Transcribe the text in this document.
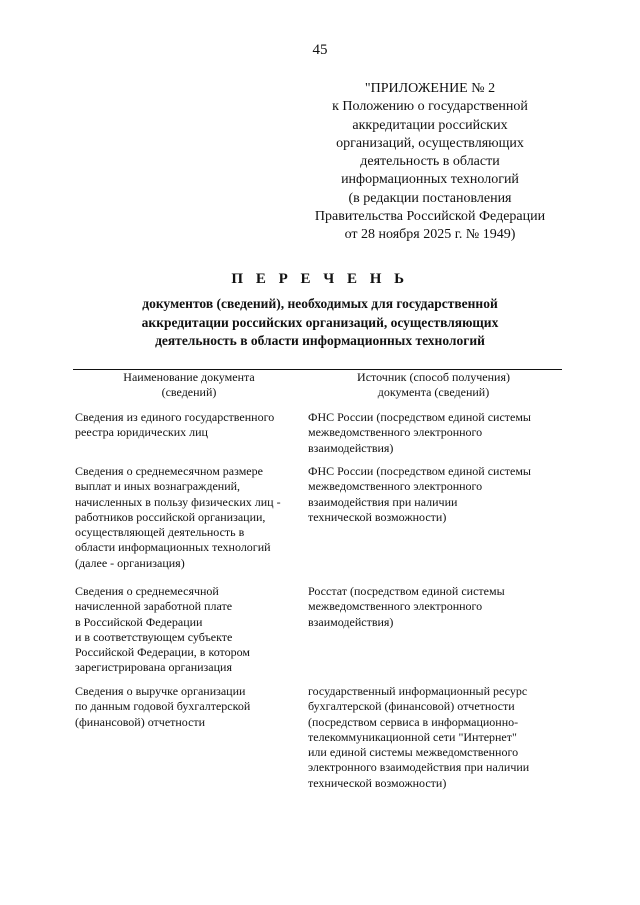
45
"ПРИЛОЖЕНИЕ № 2
к Положению о государственной
аккредитации российских
организаций, осуществляющих
деятельность в области
информационных технологий
(в редакции постановления
Правительства Российской Федерации
от 28 ноября 2025 г. № 1949)
П Е Р Е Ч Е Н Ь
документов (сведений), необходимых для государственной
аккредитации российских организаций, осуществляющих
деятельность в области информационных технологий
Наименование документа
(сведений)
Источник (способ получения)
документа (сведений)
Сведения из единого государственного
реестра юридических лиц
ФНС России (посредством единой системы
межведомственного электронного
взаимодействия)
Сведения о среднемесячном размере
выплат и иных вознаграждений,
начисленных в пользу физических лиц -
работников российской организации,
осуществляющей деятельность в
области информационных технологий
(далее - организация)
ФНС России (посредством единой системы
межведомственного электронного
взаимодействия при наличии
технической возможности)
Сведения о среднемесячной
начисленной заработной плате
в Российской Федерации
и в соответствующем субъекте
Российской Федерации, в котором
зарегистрирована организация
Росстат (посредством единой системы
межведомственного электронного
взаимодействия)
Сведения о выручке организации
по данным годовой бухгалтерской
(финансовой) отчетности
государственный информационный ресурс
бухгалтерской (финансовой) отчетности
(посредством сервиса в информационно-
телекоммуникационной сети "Интернет"
или единой системы межведомственного
электронного взаимодействия при наличии
технической возможности)
